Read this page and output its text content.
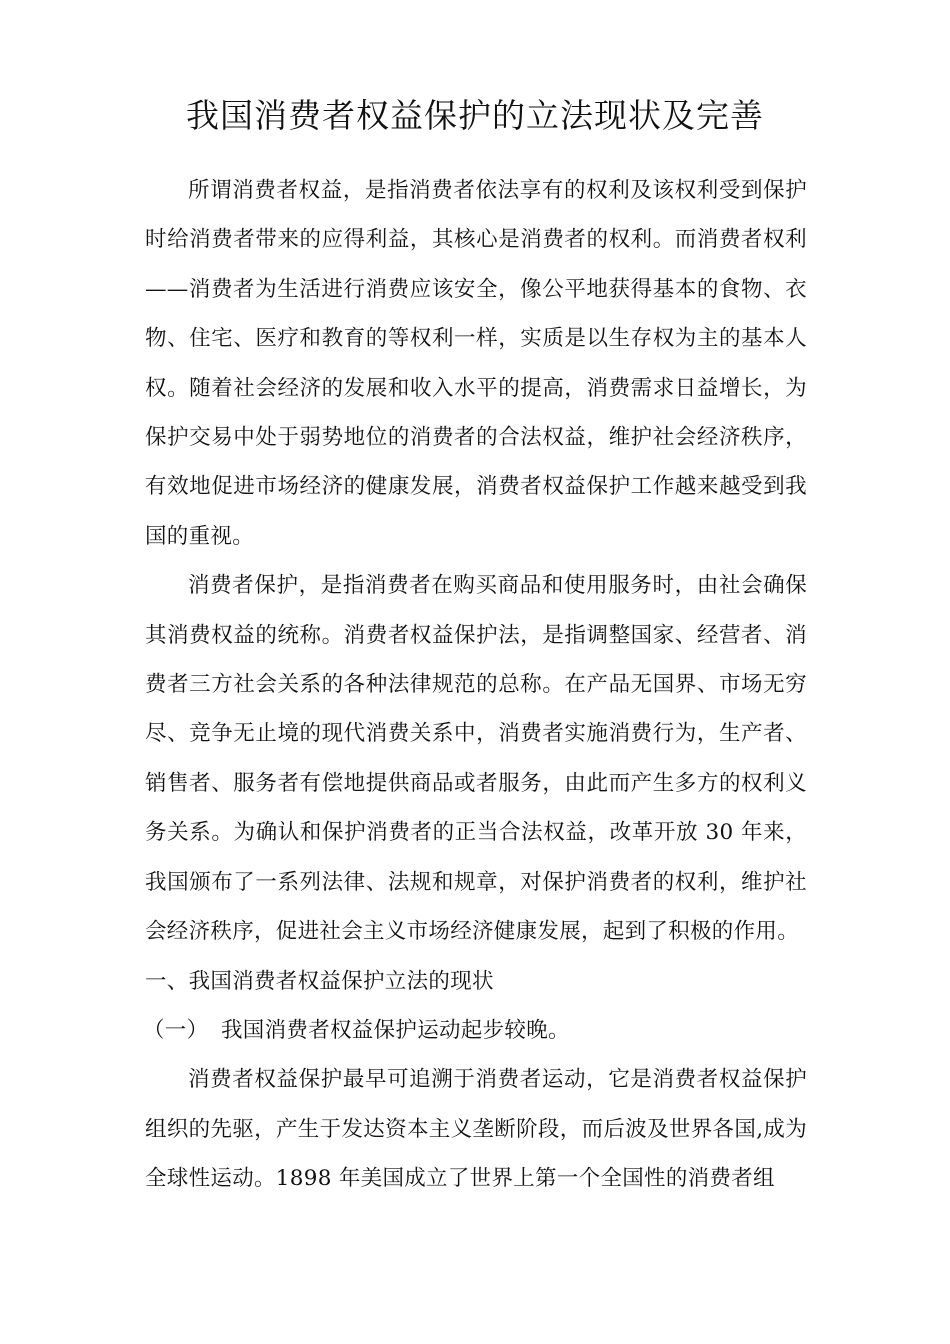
我国消费者权益保护的立法现状及完善

所谓消费者权益，是指消费者依法享有的权利及该权利受到保护时给消费者带来的应得利益，其核心是消费者的权利。而消费者权利——消费者为生活进行消费应该安全，像公平地获得基本的食物、衣物、住宅、医疗和教育的等权利一样，实质是以生存权为主的基本人权。随着社会经济的发展和收入水平的提高，消费需求日益增长，为保护交易中处于弱势地位的消费者的合法权益，维护社会经济秩序，有效地促进市场经济的健康发展，消费者权益保护工作越来越受到我国的重视。

消费者保护，是指消费者在购买商品和使用服务时，由社会确保其消费权益的统称。消费者权益保护法，是指调整国家、经营者、消费者三方社会关系的各种法律规范的总称。在产品无国界、市场无穷尽、竞争无止境的现代消费关系中，消费者实施消费行为，生产者、销售者、服务者有偿地提供商品或者服务，由此而产生多方的权利义务关系。为确认和保护消费者的正当合法权益，改革开放 30 年来，我国颁布了一系列法律、法规和规章，对保护消费者的权利，维护社会经济秩序，促进社会主义市场经济健康发展，起到了积极的作用。

一、我国消费者权益保护立法的现状

（一） 我国消费者权益保护运动起步较晚。

消费者权益保护最早可追溯于消费者运动，它是消费者权益保护组织的先驱，产生于发达资本主义垄断阶段，而后波及世界各国,成为全球性运动。1898 年美国成立了世界上第一个全国性的消费者组
